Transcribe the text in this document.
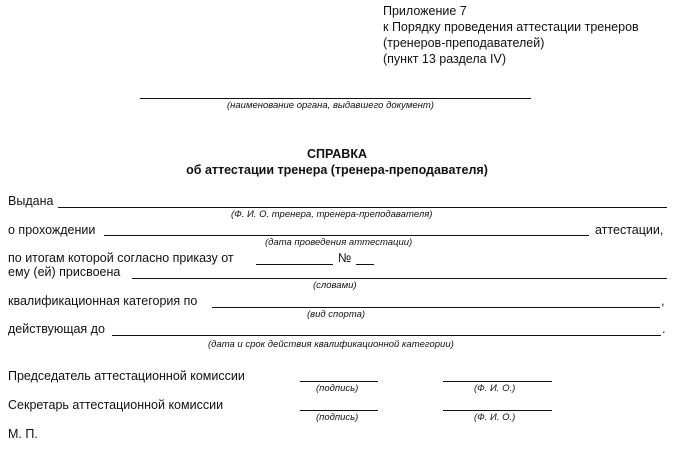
Приложение 7
к Порядку проведения аттестации тренеров
(тренеров-преподавателей)
(пункт 13 раздела IV)
(наименование органа, выдавшего документ)
СПРАВКА
об аттестации тренера (тренера-преподавателя)
Выдана
(Ф. И. О. тренера, тренера-преподавателя)
о прохождении	аттестации,
(дата проведения аттестации)
по итогам которой согласно приказу от	№
ему (ей) присвоена
(словами)
квалификационная категория по	,
(вид спорта)
действующая до	.
(дата и срок действия квалификационной категории)
Председатель аттестационной комиссии
(подпись)	(Ф. И. О.)
Секретарь аттестационной комиссии
(подпись)	(Ф. И. О.)
М. П.
